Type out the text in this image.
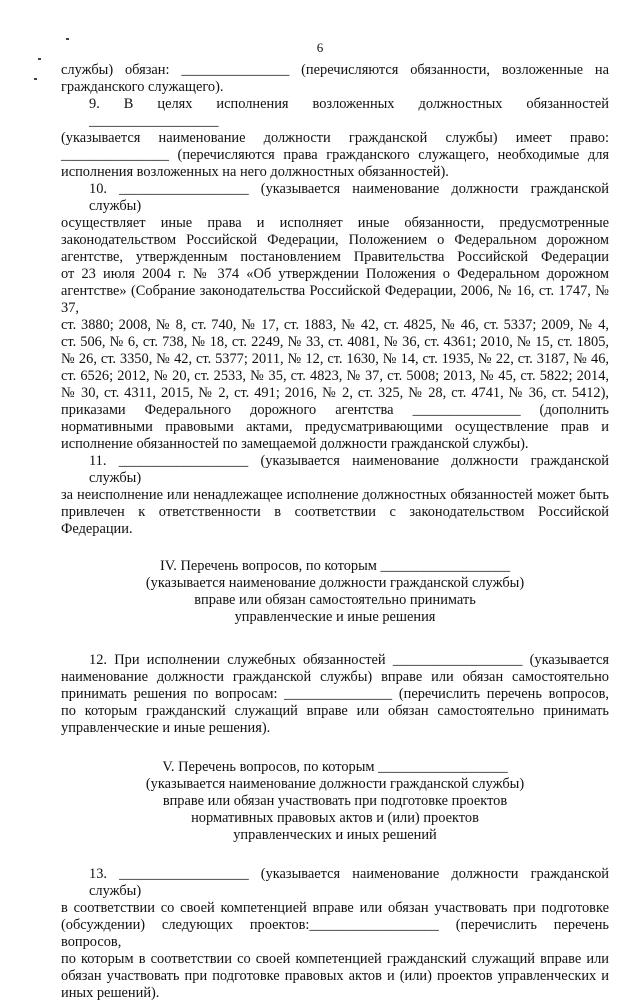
6

службы) обязан: _______________ (перечисляются обязанности, возложенные на
гражданского служащего).

9. В целях исполнения возложенных должностных обязанностей __________________
(указывается наименование должности гражданской службы) имеет право:
_______________ (перечисляются права гражданского служащего, необходимые для
исполнения возложенных на него должностных обязанностей).

10. __________________ (указывается наименование должности гражданской службы)
осуществляет иные права и исполняет иные обязанности, предусмотренные
законодательством Российской Федерации, Положением о Федеральном дорожном
агентстве, утвержденным постановлением Правительства Российской Федерации
от 23 июля 2004 г. № 374 «Об утверждении Положения о Федеральном дорожном
агентстве» (Собрание законодательства Российской Федерации, 2006, № 16, ст. 1747, № 37,
ст. 3880; 2008, № 8, ст. 740, № 17, ст. 1883, № 42, ст. 4825, № 46, ст. 5337; 2009, № 4,
ст. 506, № 6, ст. 738, № 18, ст. 2249, № 33, ст. 4081, № 36, ст. 4361; 2010, № 15, ст. 1805,
№ 26, ст. 3350, № 42, ст. 5377; 2011, № 12, ст. 1630, № 14, ст. 1935, № 22, ст. 3187, № 46,
ст. 6526; 2012, № 20, ст. 2533, № 35, ст. 4823, № 37, ст. 5008; 2013, № 45, ст. 5822; 2014,
№ 30, ст. 4311, 2015, № 2, ст. 491; 2016, № 2, ст. 325, № 28, ст. 4741, № 36, ст. 5412),
приказами Федерального дорожного агентства _______________ (дополнить
нормативными правовыми актами, предусматривающими осуществление прав и
исполнение обязанностей по замещаемой должности гражданской службы).

11. __________________ (указывается наименование должности гражданской службы)
за неисполнение или ненадлежащее исполнение должностных обязанностей может быть
привлечен к ответственности в соответствии с законодательством Российской Федерации.

IV. Перечень вопросов, по которым __________________
(указывается наименование должности гражданской службы)
вправе или обязан самостоятельно принимать
управленческие и иные решения

12. При исполнении служебных обязанностей __________________ (указывается
наименование должности гражданской службы) вправе или обязан самостоятельно
принимать решения по вопросам: _______________ (перечислить перечень вопросов,
по которым гражданский служащий вправе или обязан самостоятельно принимать
управленческие и иные решения).

V. Перечень вопросов, по которым __________________
(указывается наименование должности гражданской службы)
вправе или обязан участвовать при подготовке проектов
нормативных правовых актов и (или) проектов
управленческих и иных решений

13. __________________ (указывается наименование должности гражданской службы)
в соответствии со своей компетенцией вправе или обязан участвовать при подготовке
(обсуждении) следующих проектов:__________________ (перечислить перечень вопросов,
по которым в соответствии со своей компетенцией гражданский служащий вправе или
обязан участвовать при подготовке правовых актов и (или) проектов управленческих и
иных решений).
